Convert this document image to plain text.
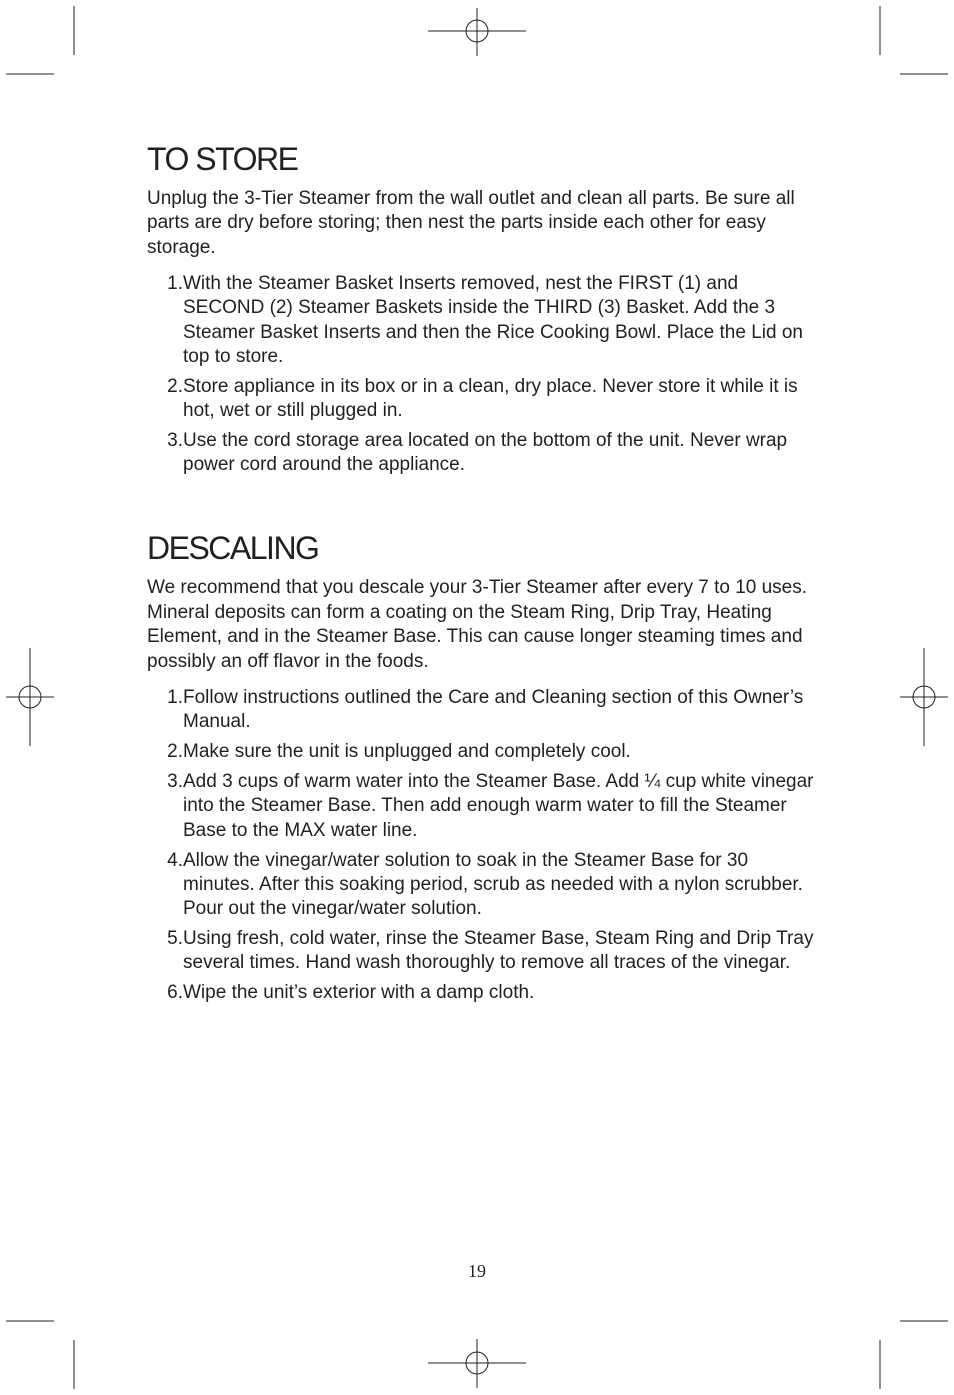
TO STORE

Unplug the 3-Tier Steamer from the wall outlet and clean all parts. Be sure all parts are dry before storing; then nest the parts inside each other for easy storage.

1. With the Steamer Basket Inserts removed, nest the FIRST (1) and SECOND (2) Steamer Baskets inside the THIRD (3) Basket. Add the 3 Steamer Basket Inserts and then the Rice Cooking Bowl. Place the Lid on top to store.
2. Store appliance in its box or in a clean, dry place. Never store it while it is hot, wet or still plugged in.
3. Use the cord storage area located on the bottom of the unit. Never wrap power cord around the appliance.
DESCALING

We recommend that you descale your 3-Tier Steamer after every 7 to 10 uses. Mineral deposits can form a coating on the Steam Ring, Drip Tray, Heating Element, and in the Steamer Base. This can cause longer steaming times and possibly an off flavor in the foods.

1. Follow instructions outlined the Care and Cleaning section of this Owner’s Manual.
2. Make sure the unit is unplugged and completely cool.
3. Add 3 cups of warm water into the Steamer Base. Add ¼ cup white vinegar into the Steamer Base. Then add enough warm water to fill the Steamer Base to the MAX water line.
4. Allow the vinegar/water solution to soak in the Steamer Base for 30 minutes. After this soaking period, scrub as needed with a nylon scrubber. Pour out the vinegar/water solution.
5. Using fresh, cold water, rinse the Steamer Base, Steam Ring and Drip Tray several times. Hand wash thoroughly to remove all traces of the vinegar.
6. Wipe the unit’s exterior with a damp cloth.
19
